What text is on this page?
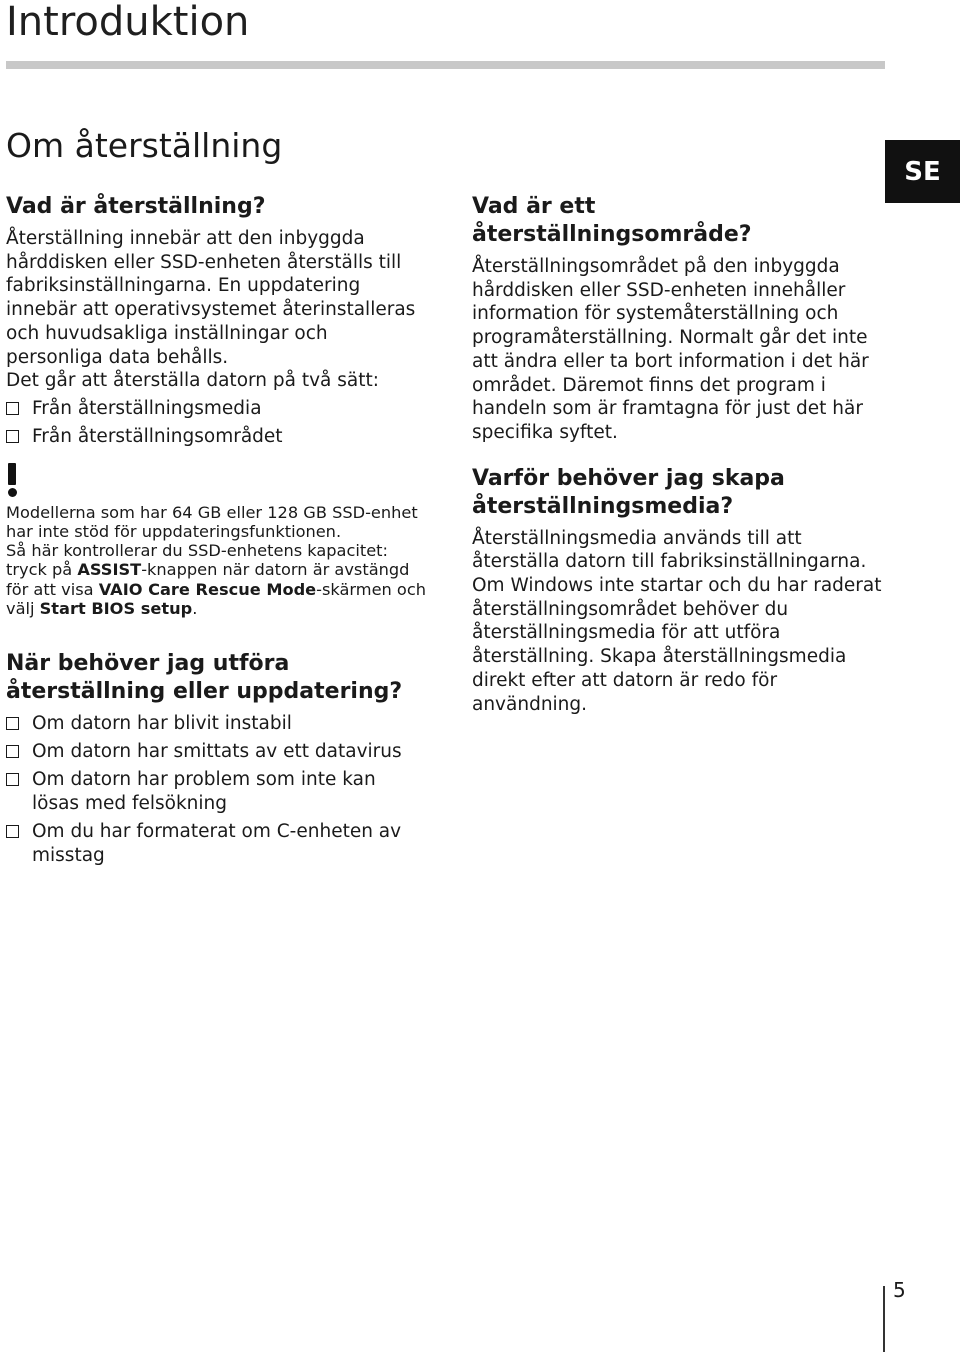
Introduktion
Om återställning
SE
Vad är återställning?

Återställning innebär att den inbyggda hårddisken eller SSD-enheten återställs till fabriksinställningarna. En uppdatering innebär att operativsystemet återinstalleras och huvudsakliga inställningar och personliga data behålls.

Det går att återställa datorn på två sätt:

Från återställningsmedia
Från återställningsområdet

Modellerna som har 64 GB eller 128 GB SSD-enhet har inte stöd för uppdateringsfunktionen.
Så här kontrollerar du SSD-enhetens kapacitet: tryck på ASSIST-knappen när datorn är avstängd för att visa VAIO Care Rescue Mode-skärmen och välj Start BIOS setup.

När behöver jag utföra återställning eller uppdatering?
Om datorn har blivit instabil
Om datorn har smittats av ett datavirus
Om datorn har problem som inte kan lösas med felsökning
Om du har formaterat om C-enheten av misstag
Vad är ett återställningsområde?

Återställningsområdet på den inbyggda hårddisken eller SSD-enheten innehåller information för systemåterställning och programåterställning. Normalt går det inte att ändra eller ta bort information i det här området. Däremot finns det program i handeln som är framtagna för just det här specifika syftet.

Varför behöver jag skapa återställningsmedia?

Återställningsmedia används till att återställa datorn till fabriksinställningarna. Om Windows inte startar och du har raderat återställningsområdet behöver du återställningsmedia för att utföra återställning. Skapa återställningsmedia direkt efter att datorn är redo för användning.

5
